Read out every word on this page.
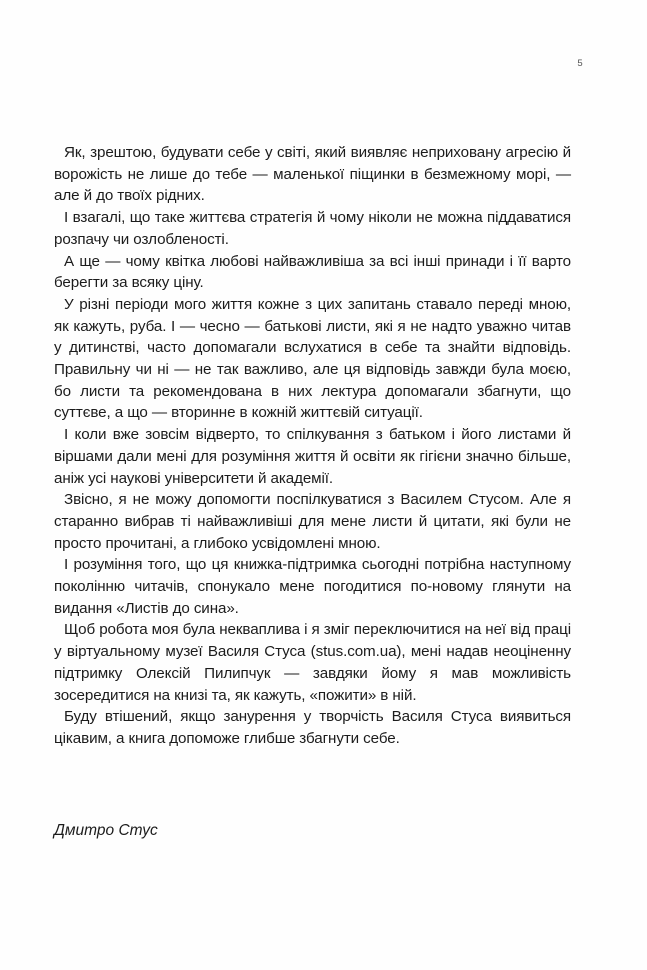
5

Як, зрештою, будувати себе у світі, який виявляє неприховану агресію й ворожість не лише до тебе — маленької піщинки в безмежному морі, — але й до твоїх рідних.

І взагалі, що таке життєва стратегія й чому ніколи не можна піддаватися розпачу чи озлобленості.

А ще — чому квітка любові найважливіша за всі інші принади і її варто берегти за всяку ціну.

У різні періоди мого життя кожне з цих запитань ставало переді мною, як кажуть, руба. І — чесно — батькові листи, які я не надто уважно читав у дитинстві, часто допомагали вслухатися в себе та знайти відповідь. Правильну чи ні — не так важливо, але ця відповідь завжди була моєю, бо листи та рекомендована в них лектура допомагали збагнути, що суттєве, а що — вторинне в кожній життєвій ситуації.

І коли вже зовсім відверто, то спілкування з батьком і його листами й віршами дали мені для розуміння життя й освіти як гігієни значно більше, аніж усі наукові університети й академії.

Звісно, я не можу допомогти поспілкуватися з Василем Стусом. Але я старанно вибрав ті найважливіші для мене листи й цитати, які були не просто прочитані, а глибоко усвідомлені мною.

І розуміння того, що ця книжка-підтримка сьогодні потрібна наступному поколінню читачів, спонукало мене погодитися по-новому глянути на видання «Листів до сина».

Щоб робота моя була некваплива і я зміг переключитися на неї від праці у віртуальному музеї Василя Стуса (stus.com.ua), мені надав неоціненну підтримку Олексій Пилипчук — завдяки йому я мав можливість зосередитися на книзі та, як кажуть, «пожити» в ній.

Буду втішений, якщо занурення у творчість Василя Стуса виявиться цікавим, а книга допоможе глибше збагнути себе.

Дмитро Стус
